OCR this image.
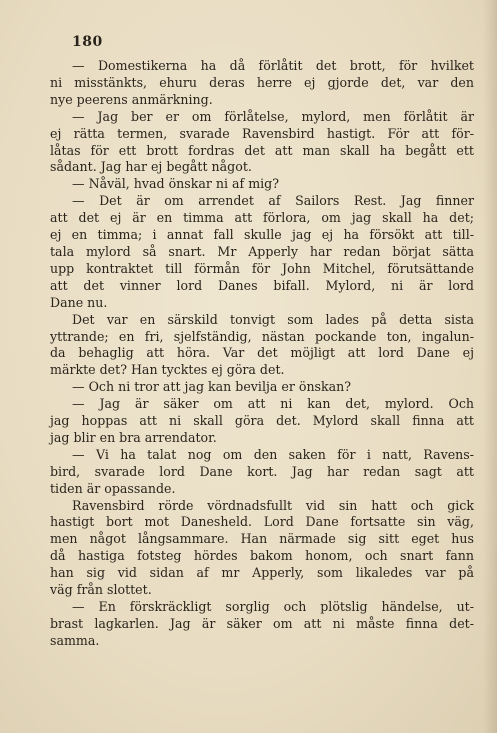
180
— Domestikerna ha då förlåtit det brott, för hvilket
ni misstänkts, ehuru deras herre ej gjorde det, var den
nye peerens anmärkning.
— Jag ber er om förlåtelse, mylord, men förlåtit är
ej rätta termen, svarade Ravensbird hastigt. För att för-
låtas för ett brott fordras det att man skall ha begått ett
sådant. Jag har ej begått något.
— Nåväl, hvad önskar ni af mig?
— Det är om arrendet af Sailors Rest. Jag finner
att det ej är en timma att förlora, om jag skall ha det;
ej en timma; i annat fall skulle jag ej ha försökt att till-
tala mylord så snart. Mr Apperly har redan börjat sätta
upp kontraktet till förmån för John Mitchel, förutsättande
att det vinner lord Danes bifall. Mylord, ni är lord
Dane nu.
Det var en särskild tonvigt som lades på detta sista
yttrande; en fri, sjelfständig, nästan pockande ton, ingalun-
da behaglig att höra. Var det möjligt att lord Dane ej
märkte det? Han tycktes ej göra det.
— Och ni tror att jag kan bevilja er önskan?
— Jag är säker om att ni kan det, mylord. Och
jag hoppas att ni skall göra det. Mylord skall finna att
jag blir en bra arrendator.
— Vi ha talat nog om den saken för i natt, Ravens-
bird, svarade lord Dane kort. Jag har redan sagt att
tiden är opassande.
Ravensbird rörde vördnadsfullt vid sin hatt och gick
hastigt bort mot Danesheld. Lord Dane fortsatte sin väg,
men något långsammare. Han närmade sig sitt eget hus
då hastiga fotsteg hördes bakom honom, och snart fann
han sig vid sidan af mr Apperly, som likaledes var på
väg från slottet.
— En förskräckligt sorglig och plötslig händelse, ut-
brast lagkarlen. Jag är säker om att ni måste finna det-
samma.
